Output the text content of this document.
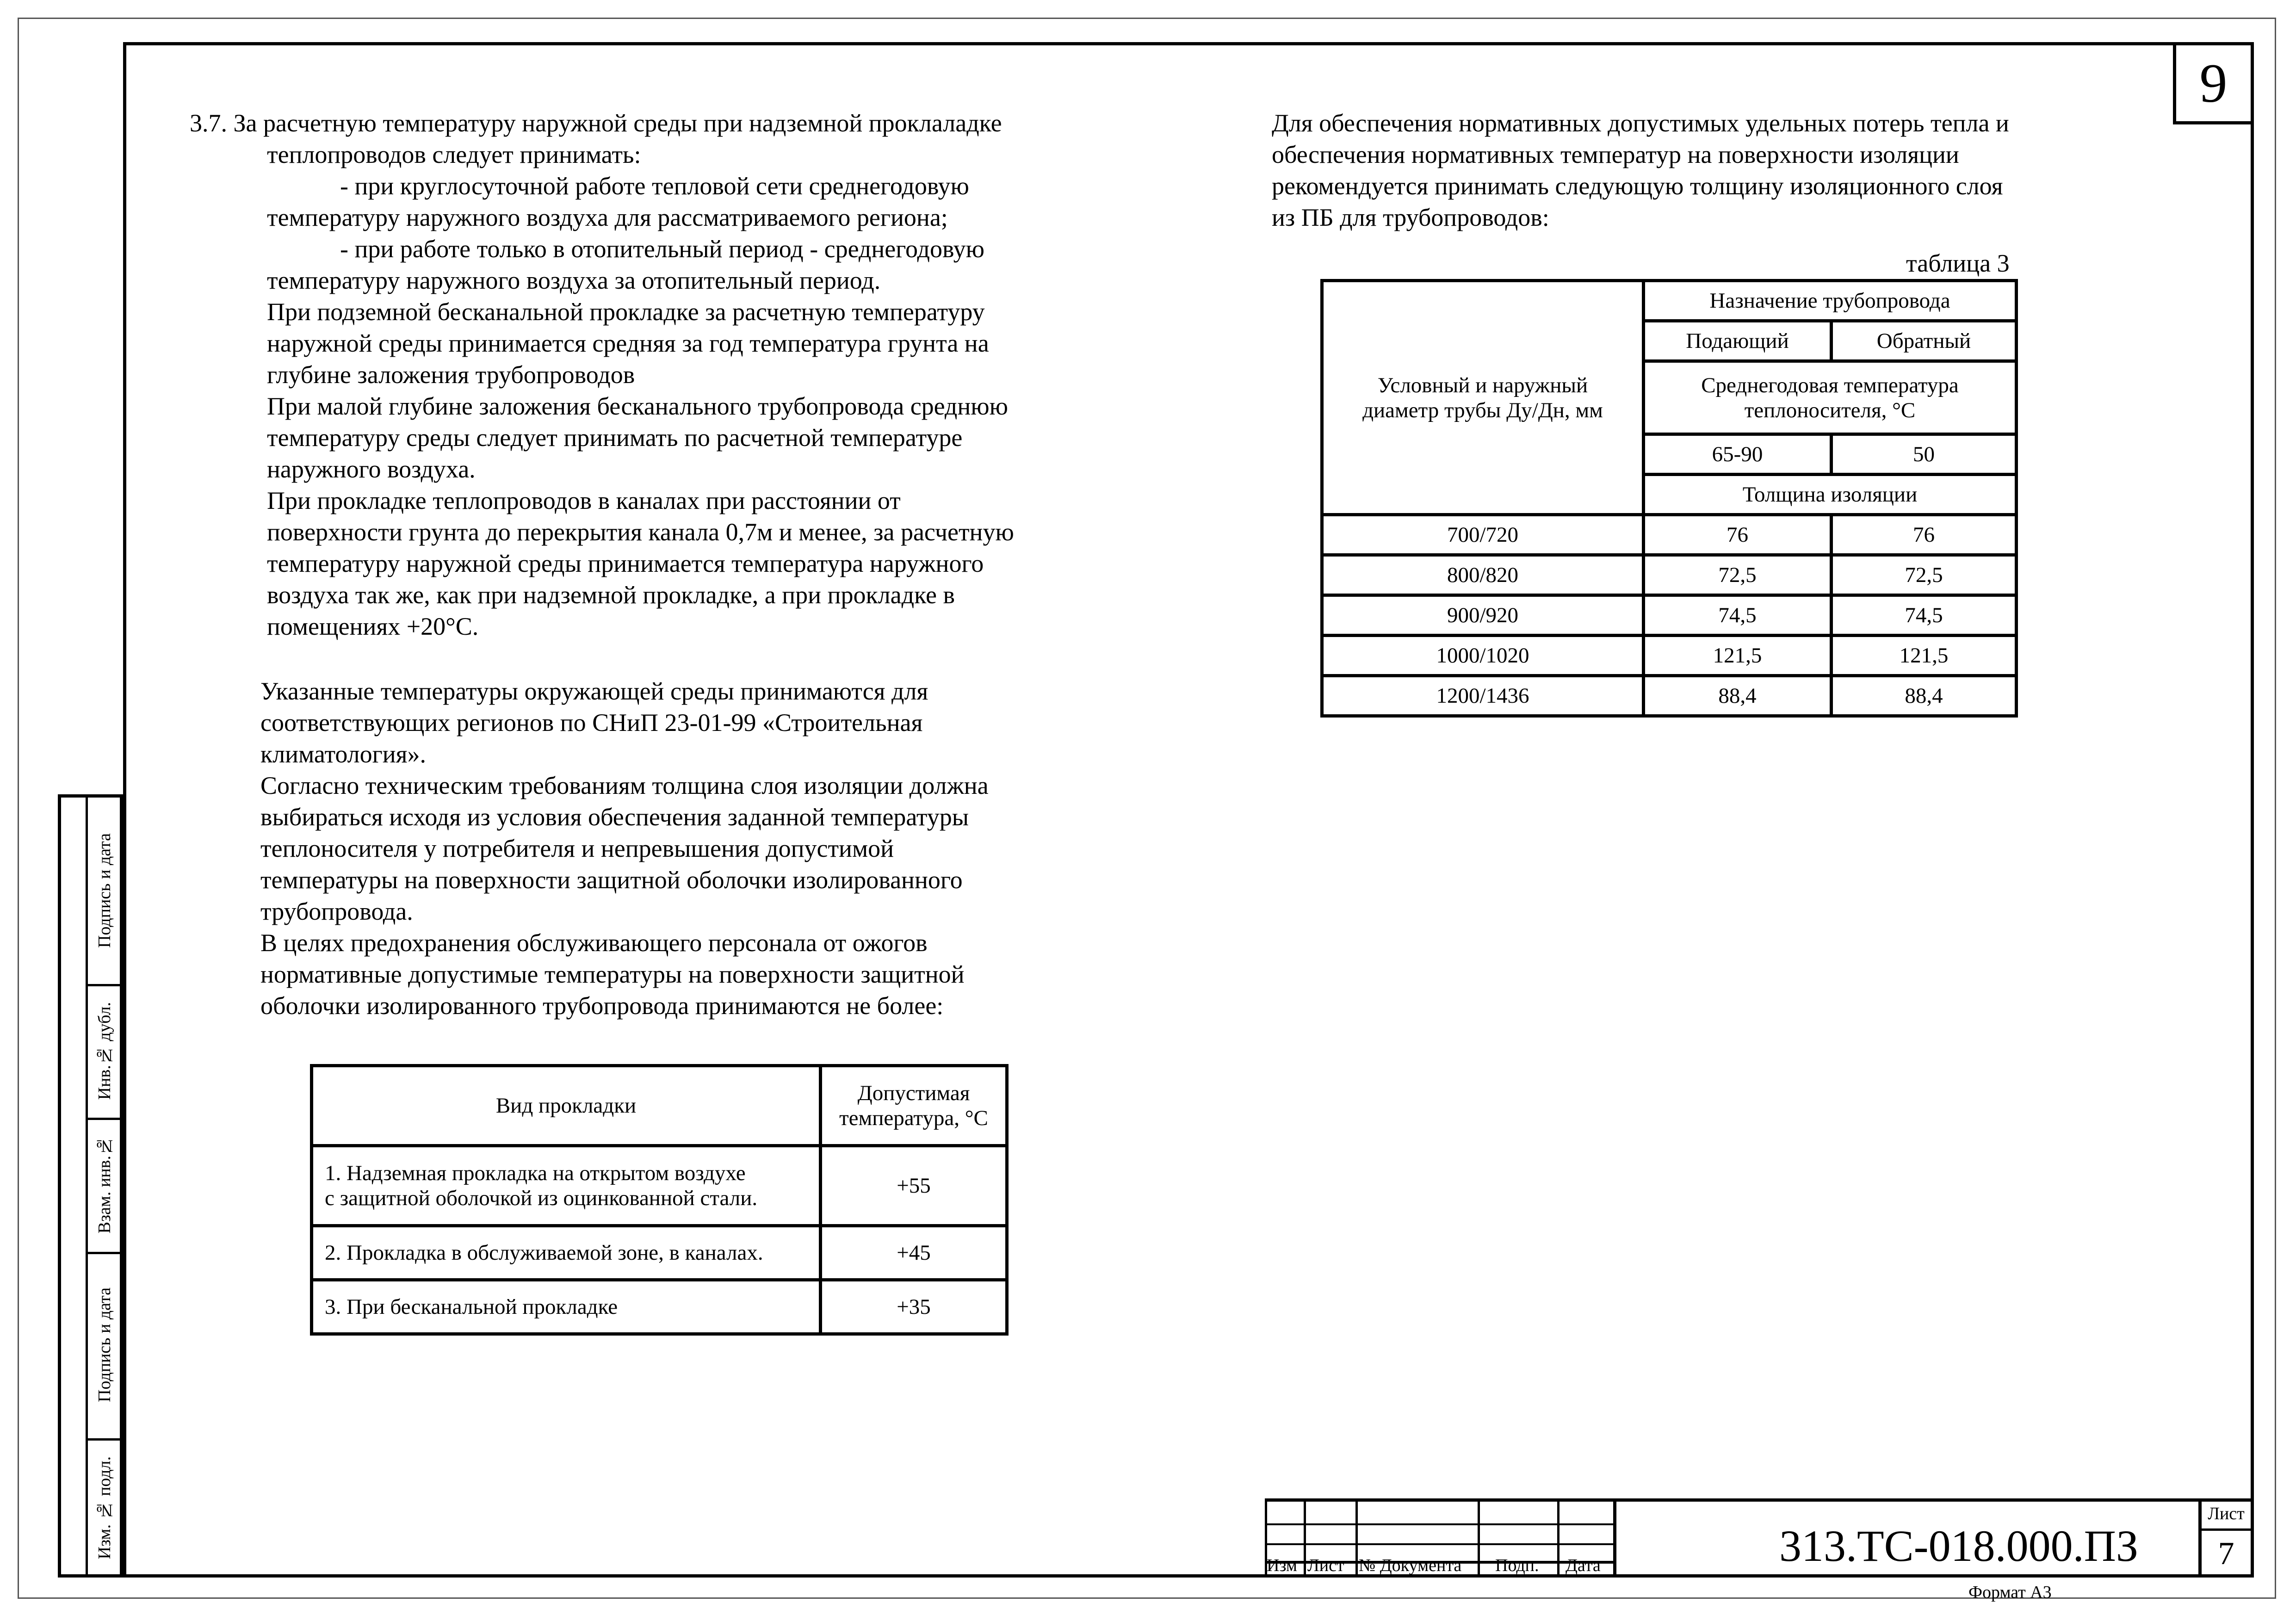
9
Подпись и дата
Инв.№ дубл.
Взам. инв.№
Подпись и дата
Изм. № подл.
3.7. За расчетную температуру наружной среды при надземной проклаладке
теплопроводов следует принимать:
- при круглосуточной работе тепловой сети среднегодовую
температуру наружного воздуха для рассматриваемого региона;
- при работе только в отопительный период - среднегодовую
температуру наружного воздуха за отопительный период.
При подземной бесканальной прокладке за расчетную температуру
наружной среды принимается средняя за год температура грунта на
глубине заложения трубопроводов
При малой глубине заложения бесканального трубопровода среднюю
температуру среды следует принимать по расчетной температуре
наружного воздуха.
При прокладке теплопроводов в каналах при расстоянии от
поверхности грунта до перекрытия канала 0,7м и менее, за расчетную
температуру наружной среды принимается температура наружного
воздуха так же, как при надземной прокладке, а при прокладке в
помещениях +20°С.
Указанные температуры окружающей среды принимаются для
соответствующих регионов по СНиП 23-01-99 «Строительная
климатология».
Согласно техническим требованиям толщина слоя изоляции должна
выбираться исходя из условия обеспечения заданной температуры
теплоносителя у потребителя и непревышения допустимой
температуры на поверхности защитной оболочки изолированного
трубопровода.
В целях предохранения обслуживающего персонала от ожогов
нормативные допустимые температуры на поверхности защитной
оболочки изолированного трубопровода принимаются не более:
Вид прокладки	Допустимая
температура, °С

1. Надземная прокладка на открытом воздухе
с защитной оболочкой из оцинкованной стали.	+55
2. Прокладка в обслуживаемой зоне, в каналах.	+45
3. При бесканальной прокладке	+35
Для обеспечения нормативных допустимых удельных потерь тепла и
обеспечения нормативных температур на поверхности изоляции
рекомендуется принимать следующую толщину изоляционного слоя
из ПБ для трубопроводов:
таблица 3
Условный и наружный
диаметр трубы Ду/Дн, мм	Назначение трубопровода	
	Подающий	Обратный

	Среднегодовая температура
теплоносителя, °С	

	65-90	50
	Толщина изоляции	
700/720	76	76
800/820	72,5	72,5
900/920	74,5	74,5
1000/1020	121,5	121,5
1200/1436	88,4	88,4
Изм Лист № Документа Подп. Дата	313.ТС-018.000.ПЗ
Лист
7
Формат А3
